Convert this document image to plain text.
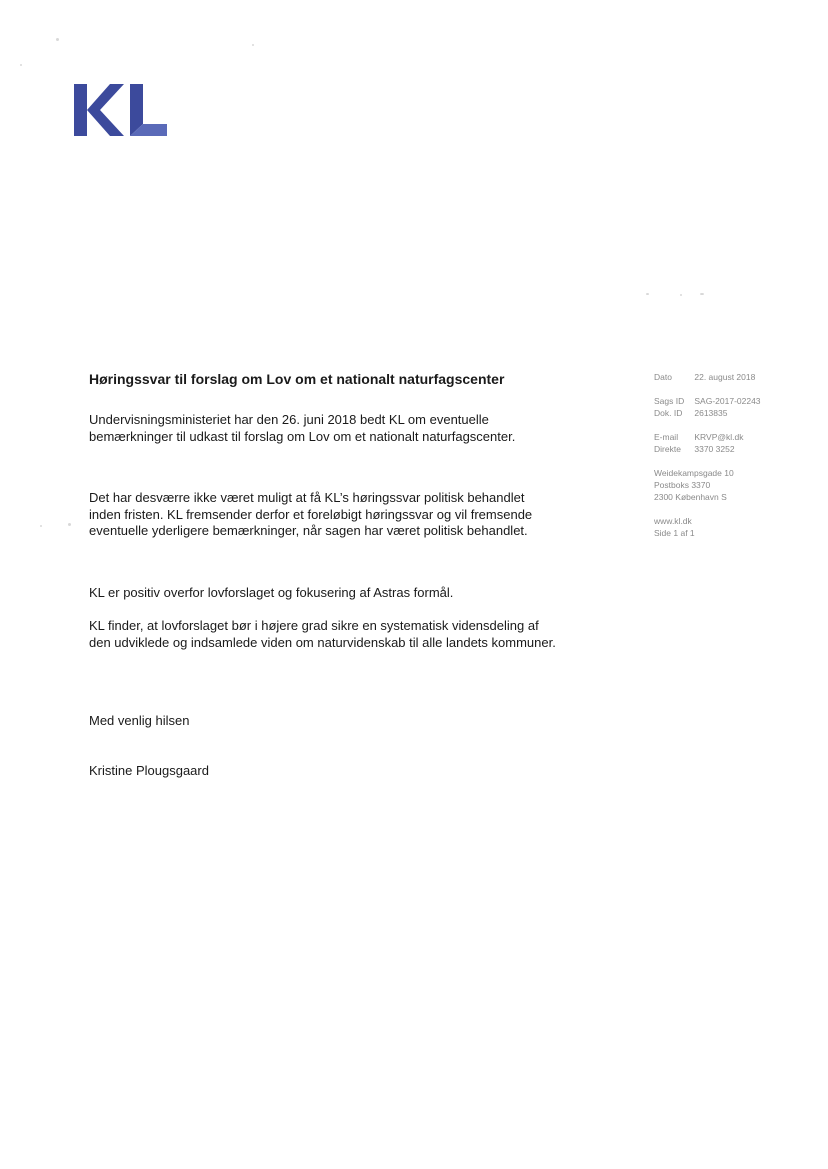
Høringssvar til forslag om Lov om et nationalt naturfagscenter

Undervisningsministeriet har den 26. juni 2018 bedt KL om eventuelle bemærkninger til udkast til forslag om Lov om et nationalt naturfagscenter.

Det har desværre ikke været muligt at få KL’s høringssvar politisk behandlet inden fristen. KL fremsender derfor et foreløbigt høringssvar og vil fremsende eventuelle yderligere bemærkninger, når sagen har været politisk behandlet.

KL er positiv overfor lovforslaget og fokusering af Astras formål.

KL finder, at lovforslaget bør i højere grad sikre en systematisk vidensdeling af den udviklede og indsamlede viden om naturvidenskab til alle landets kommuner.

Med venlig hilsen

Kristine Plougsgaard

Dato	22. august 2018
Sags ID SAG-2017-02243
Dok. ID 2613835
E-mail KRVP@kl.dk
Direkte 3370 3252
Weidekampsgade 10
Postboks 3370
2300 København S
www.kl.dk
Side 1 af 1
